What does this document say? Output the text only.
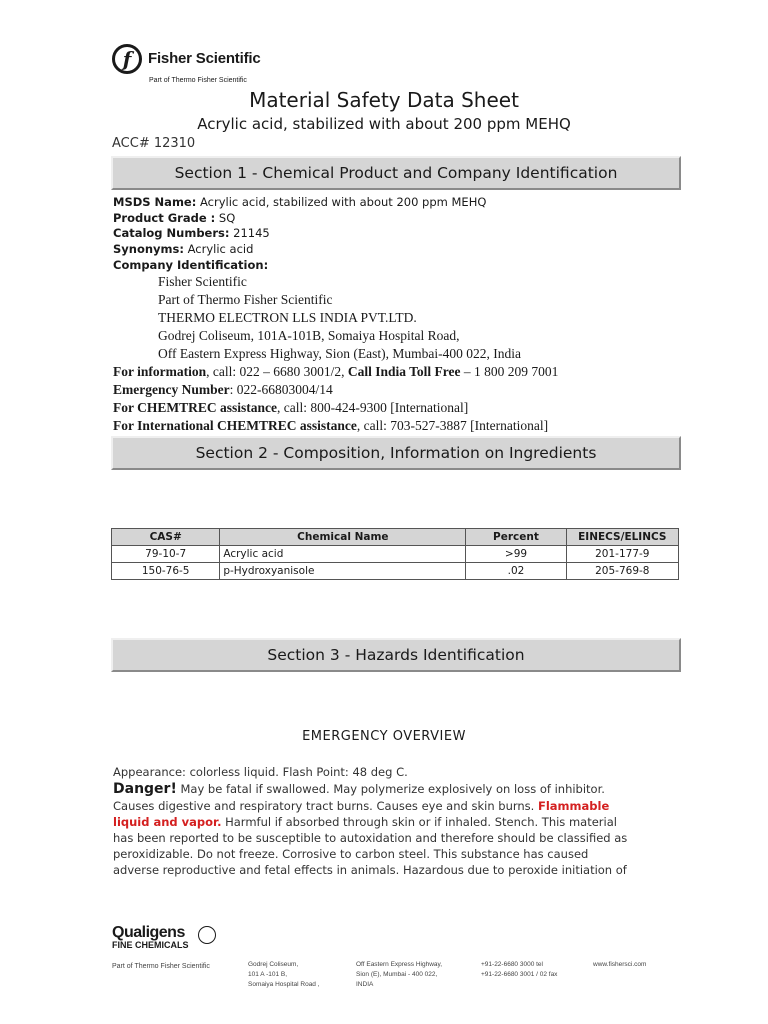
f	Fisher Scientific
Part of Thermo Fisher Scientific
Material Safety Data Sheet
Acrylic acid, stabilized with about 200 ppm MEHQ
ACC# 12310
Section 1 - Chemical Product and Company Identification
MSDS Name: Acrylic acid, stabilized with about 200 ppm MEHQ
Product Grade : SQ
Catalog Numbers: 21145
Synonyms: Acrylic acid
Company Identification:
Fisher Scientific
Part of Thermo Fisher Scientific
THERMO ELECTRON LLS INDIA PVT.LTD.
Godrej Coliseum, 101A-101B, Somaiya Hospital Road,
Off Eastern Express Highway, Sion (East), Mumbai-400 022, India
For information, call: 022 – 6680 3001/2, Call India Toll Free – 1 800 209 7001
Emergency Number: 022-66803004/14
For CHEMTREC assistance, call: 800-424-9300 [International]
For International CHEMTREC assistance, call: 703-527-3887 [International]
Section 2 - Composition, Information on Ingredients
CAS#	Chemical Name	Percent	EINECS/ELINCS
79-10-7	Acrylic acid	>99	201-177-9
150-76-5	p-Hydroxyanisole	.02	205-769-8
Section 3 - Hazards Identification
EMERGENCY OVERVIEW
Appearance: colorless liquid. Flash Point: 48 deg C.
Danger! May be fatal if swallowed. May polymerize explosively on loss of inhibitor.
Causes digestive and respiratory tract burns. Causes eye and skin burns. Flammable
liquid and vapor. Harmful if absorbed through skin or if inhaled. Stench. This material
has been reported to be susceptible to autoxidation and therefore should be classified as
peroxidizable. Do not freeze. Corrosive to carbon steel. This substance has caused
adverse reproductive and fetal effects in animals. Hazardous due to peroxide initiation of
Qualigens
FINE CHEMICALS
Part of Thermo Fisher Scientific	Godrej Coliseum,
101 A -101 B,
Somaiya Hospital Road ,
Off Eastern Express Highway,
Sion (E), Mumbai - 400 022,
INDIA
+91-22-6680 3000 tel
+91-22-6680 3001 / 02 fax
www.fishersci.com
